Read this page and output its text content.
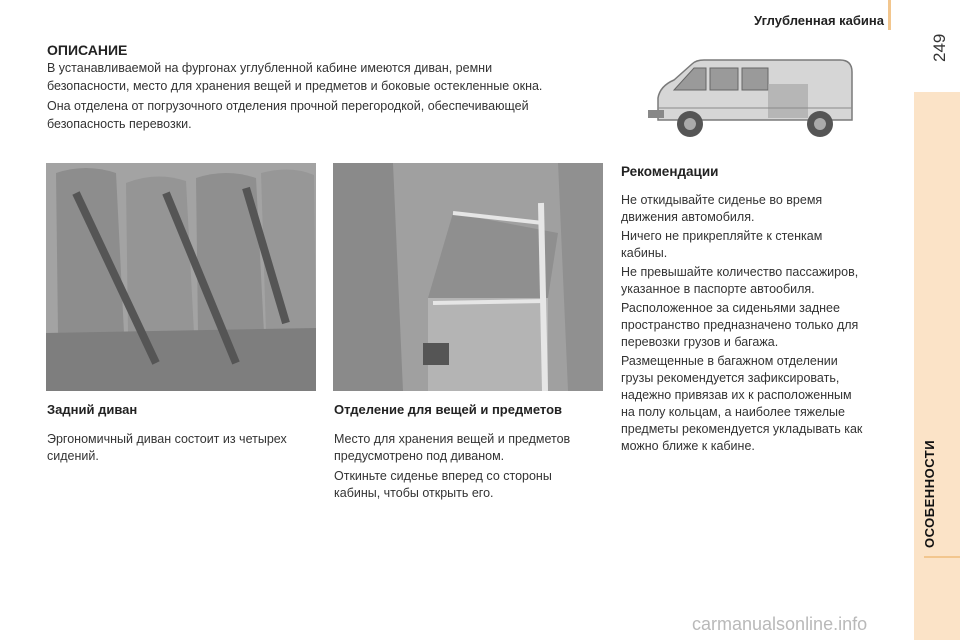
Углубленная кабина
249
ОСОБЕННОСТИ
ОПИСАНИЕ

В устанавливаемой на фургонах углубленной кабине имеются диван, ремни

безопасности, место для хранения вещей и предметов и боковые остекленные окна.

Она отделена от погрузочного отделения прочной перегородкой, обеспечивающей

безопасность перевозки.

Задний диван

Эргономичный диван состоит из четырех

сидений.

Отделение для вещей и предметов

Место для хранения вещей и предметов

предусмотрено под диваном.

Откиньте сиденье вперед со стороны

кабины, чтобы открыть его.

Рекомендации

Не откидывайте сиденье во время

движения автомобиля.

Ничего не прикрепляйте к стенкам

кабины.

Не превышайте количество пассажиров,

указанное в паспорте автообиля.

Расположенное за сиденьями заднее

пространство предназначено только для

перевозки грузов и багажа.

Размещенные в багажном отделении

грузы рекомендуется зафиксировать,

надежно привязав их к расположенным

на полу кольцам, а наиболее тяжелые

предметы рекомендуется укладывать как

можно ближе к кабине.

carmanualsonline.info
